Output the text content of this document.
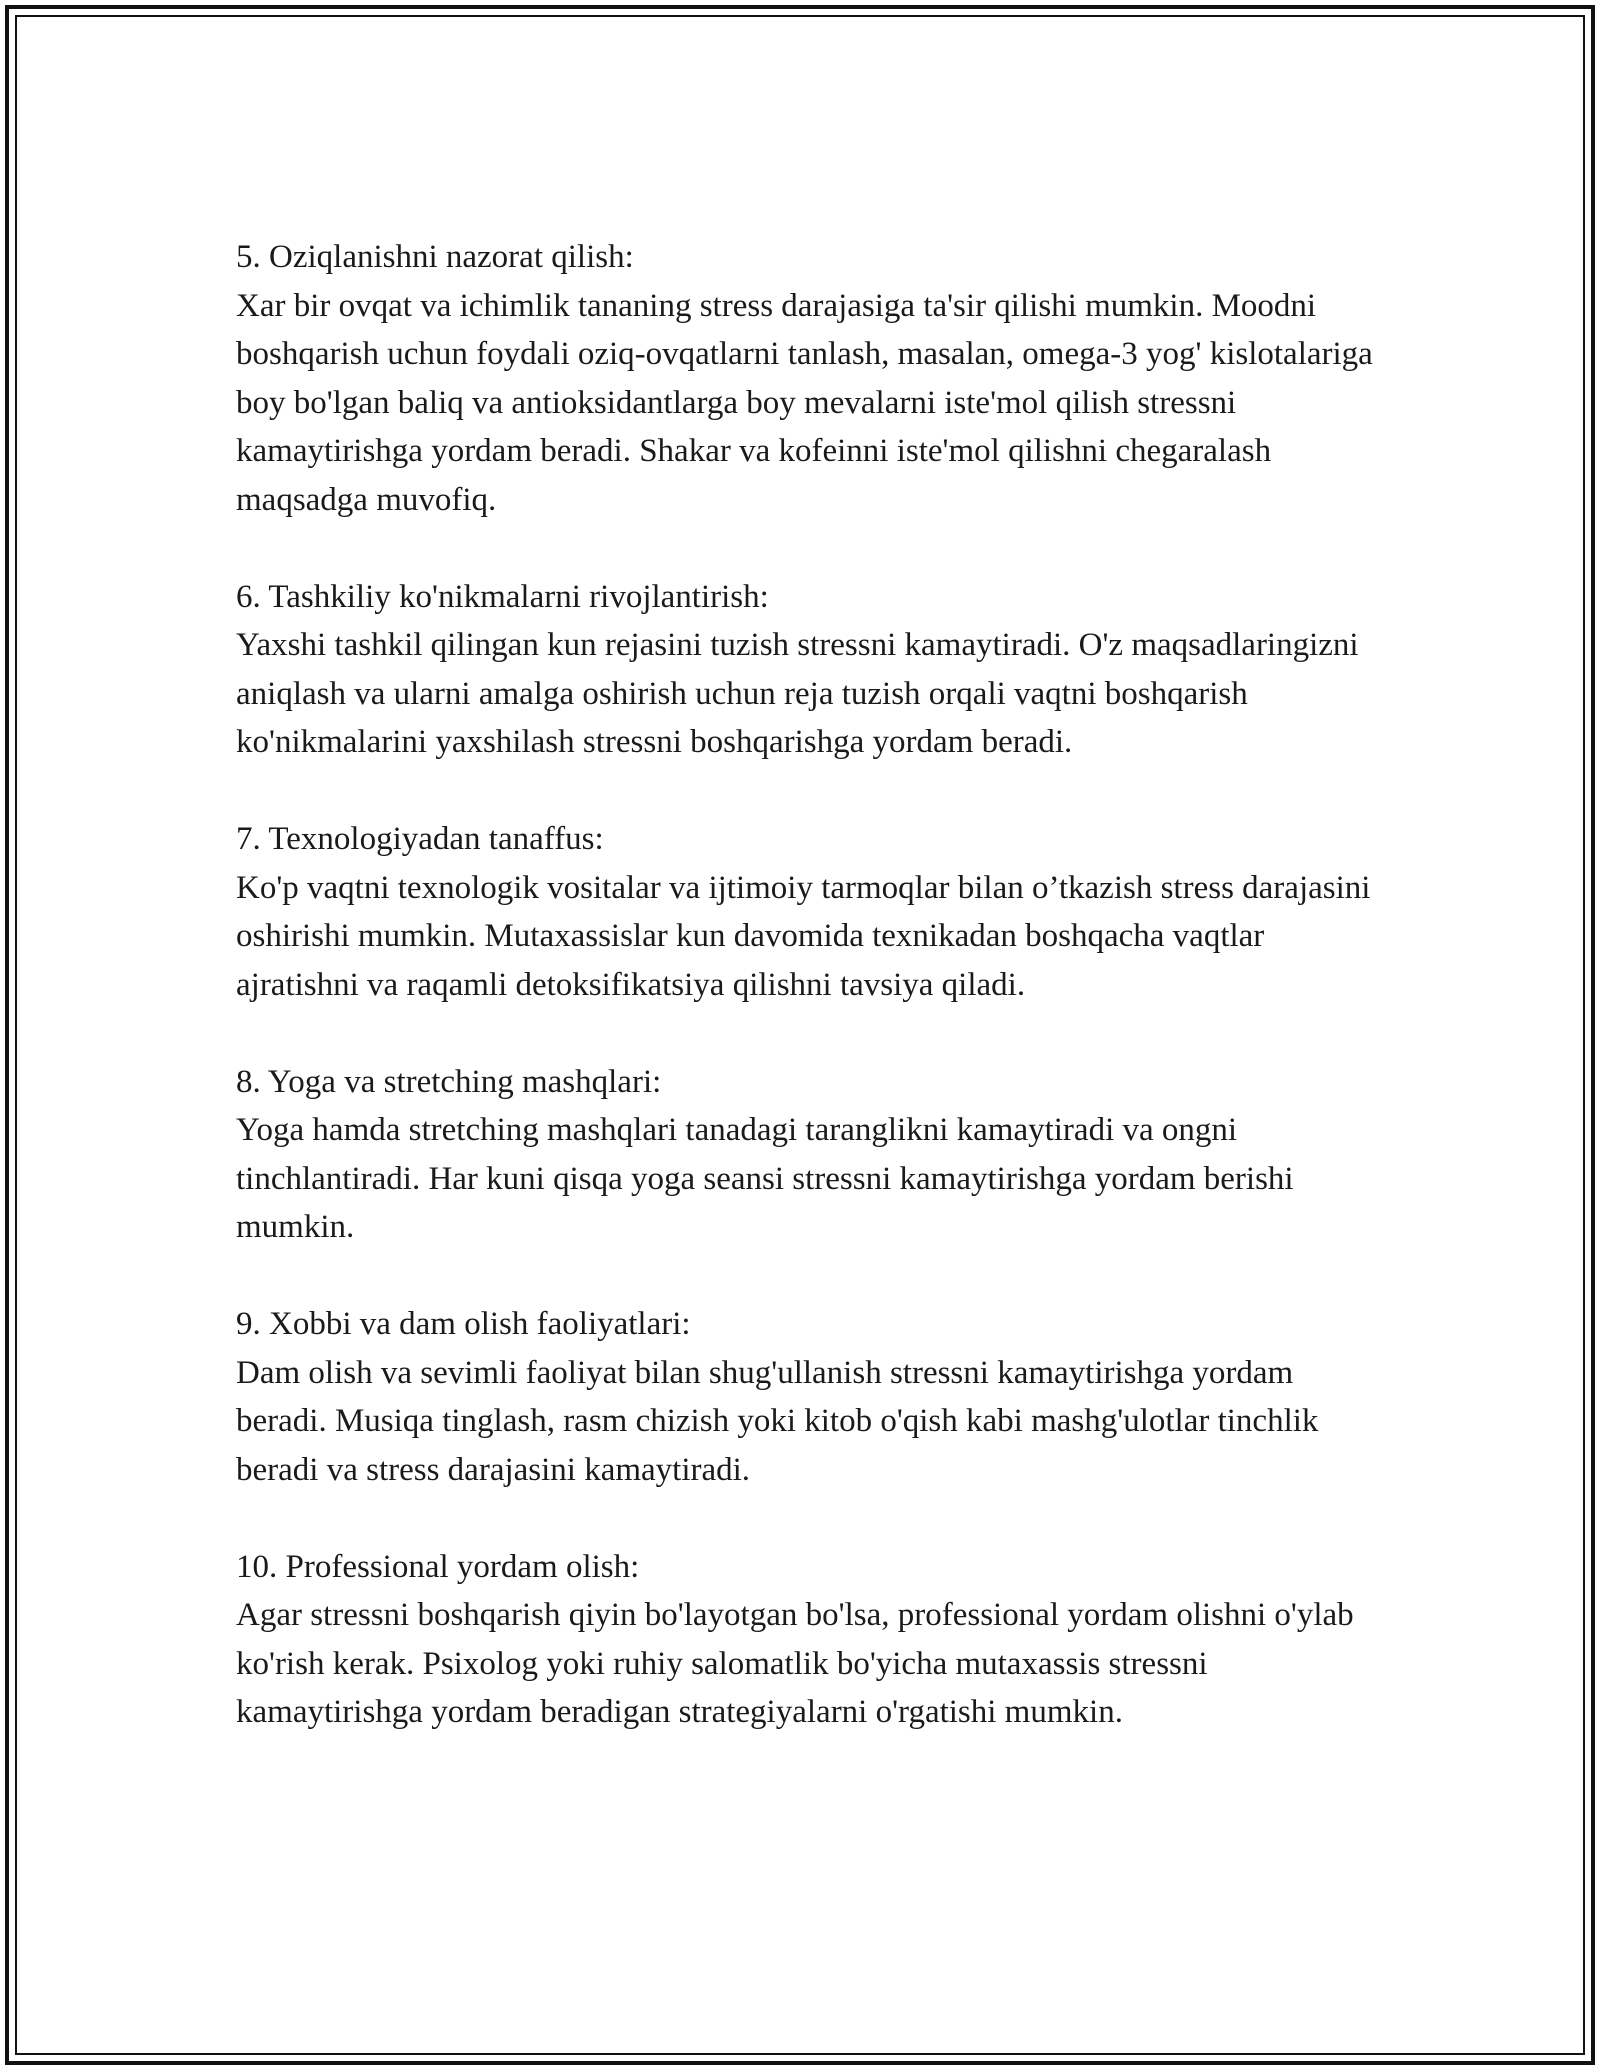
5. Oziqlanishni nazorat qilish:

Xar bir ovqat va ichimlik tananing stress darajasiga ta'sir qilishi mumkin. Moodni boshqarish uchun foydali oziq-ovqatlarni tanlash, masalan, omega-3 yog' kislotalariga boy bo'lgan baliq va antioksidantlarga boy mevalarni iste'mol qilish stressni kamaytirishga yordam beradi. Shakar va kofeinni iste'mol qilishni chegaralash maqsadga muvofiq.

6. Tashkiliy ko'nikmalarni rivojlantirish:

Yaxshi tashkil qilingan kun rejasini tuzish stressni kamaytiradi. O'z maqsadlaringizni aniqlash va ularni amalga oshirish uchun reja tuzish orqali vaqtni boshqarish ko'nikmalarini yaxshilash stressni boshqarishga yordam beradi.

7. Texnologiyadan tanaffus:

Ko'p vaqtni texnologik vositalar va ijtimoiy tarmoqlar bilan o’tkazish stress darajasini oshirishi mumkin. Mutaxassislar kun davomida texnikadan boshqacha vaqtlar ajratishni va raqamli detoksifikatsiya qilishni tavsiya qiladi.

8. Yoga va stretching mashqlari:

Yoga hamda stretching mashqlari tanadagi taranglikni kamaytiradi va ongni tinchlantiradi. Har kuni qisqa yoga seansi stressni kamaytirishga yordam berishi mumkin.

9. Xobbi va dam olish faoliyatlari:

Dam olish va sevimli faoliyat bilan shug'ullanish stressni kamaytirishga yordam beradi. Musiqa tinglash, rasm chizish yoki kitob o'qish kabi mashg'ulotlar tinchlik beradi va stress darajasini kamaytiradi.

10. Professional yordam olish:

Agar stressni boshqarish qiyin bo'layotgan bo'lsa, professional yordam olishni o'ylab ko'rish kerak. Psixolog yoki ruhiy salomatlik bo'yicha mutaxassis stressni kamaytirishga yordam beradigan strategiyalarni o'rgatishi mumkin.
